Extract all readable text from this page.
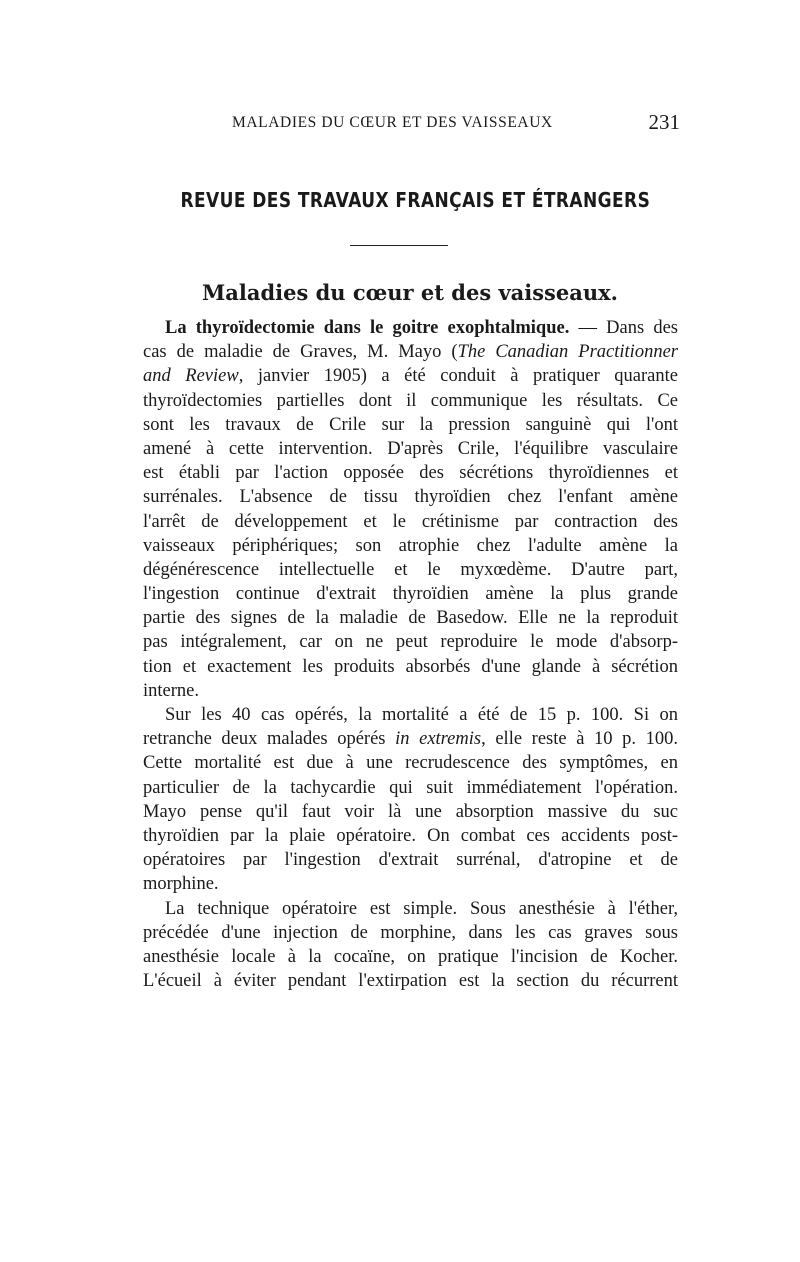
MALADIES DU CŒUR ET DES VAISSEAUX	231
REVUE DES TRAVAUX FRANÇAIS ET ÉTRANGERS
Maladies du cœur et des vaisseaux.
La thyroïdectomie dans le goitre exophtalmique. — Dans des
cas de maladie de Graves, M. Mayo (The Canadian Practitionner
and Review, janvier 1905) a été conduit à pratiquer quarante
thyroïdectomies partielles dont il communique les résultats. Ce
sont les travaux de Crile sur la pression sanguinè qui l'ont
amené à cette intervention. D'après Crile, l'équilibre vasculaire
est établi par l'action opposée des sécrétions thyroïdiennes et
surrénales. L'absence de tissu thyroïdien chez l'enfant amène
l'arrêt de développement et le crétinisme par contraction des
vaisseaux périphériques; son atrophie chez l'adulte amène la
dégénérescence intellectuelle et le myxœdème. D'autre part,
l'ingestion continue d'extrait thyroïdien amène la plus grande
partie des signes de la maladie de Basedow. Elle ne la reproduit
pas intégralement, car on ne peut reproduire le mode d'absorp-
tion et exactement les produits absorbés d'une glande à sécrétion
interne.
Sur les 40 cas opérés, la mortalité a été de 15 p. 100. Si on
retranche deux malades opérés in extremis, elle reste à 10 p. 100.
Cette mortalité est due à une recrudescence des symptômes, en
particulier de la tachycardie qui suit immédiatement l'opération.
Mayo pense qu'il faut voir là une absorption massive du suc
thyroïdien par la plaie opératoire. On combat ces accidents post-
opératoires par l'ingestion d'extrait surrénal, d'atropine et de
morphine.
La technique opératoire est simple. Sous anesthésie à l'éther,
précédée d'une injection de morphine, dans les cas graves sous
anesthésie locale à la cocaïne, on pratique l'incision de Kocher.
L'écueil à éviter pendant l'extirpation est la section du récurrent
